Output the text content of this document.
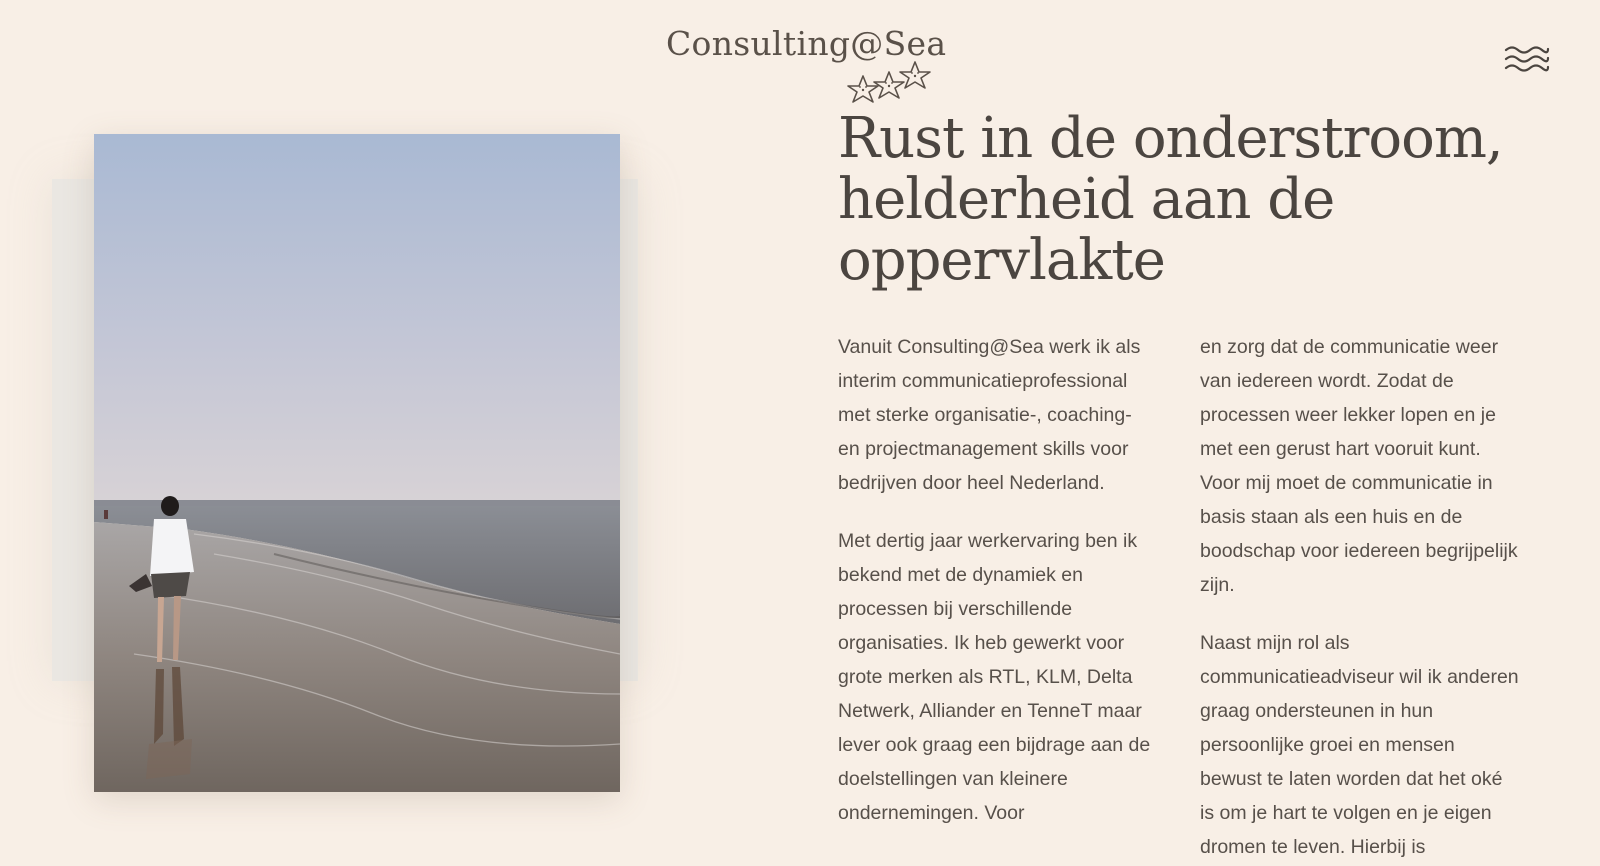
Consulting@Sea
Rust in de onderstroom, helderheid aan de oppervlakte

Vanuit Consulting@Sea werk ik als interim communicatieprofessional met sterke organisatie-, coaching- en projectmanagement skills voor bedrijven door heel Nederland.

Met dertig jaar werkervaring ben ik bekend met de dynamiek en processen bij verschillende organisaties. Ik heb gewerkt voor grote merken als RTL, KLM, Delta Netwerk, Alliander en TenneT maar lever ook graag een bijdrage aan de doelstellingen van kleinere ondernemingen. Voor

en zorg dat de communicatie weer van iedereen wordt. Zodat de processen weer lekker lopen en je met een gerust hart vooruit kunt. Voor mij moet de communicatie in basis staan als een huis en de boodschap voor iedereen begrijpelijk zijn.

Naast mijn rol als communicatieadviseur wil ik anderen graag ondersteunen in hun persoonlijke groei en mensen bewust te laten worden dat het oké is om je hart te volgen en je eigen dromen te leven. Hierbij is
